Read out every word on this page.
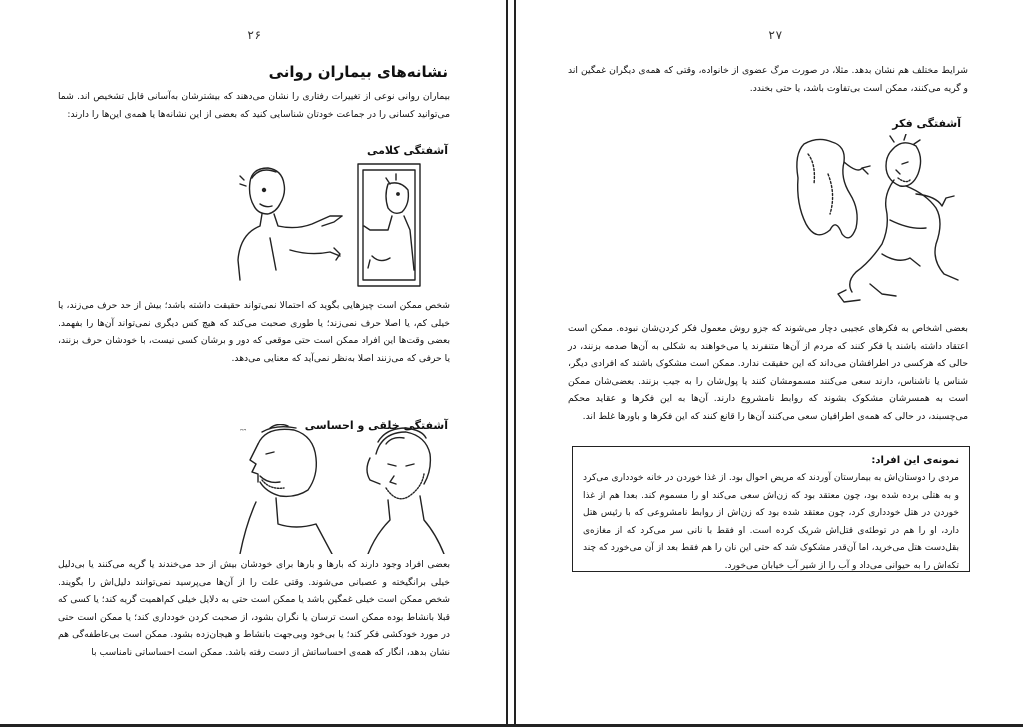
۲۶
نشانه‌های بیماران روانی
بیماران روانی نوعی از تغییرات رفتاری را نشان می‌دهند که بیشترشان به‌آسانی قابل تشخیص اند. شما می‌توانید کسانی را در جماعت خودتان شناسایی کنید که بعضی از این نشانه‌ها یا همه‌ی این‌ها را دارند:
آشفتگی کلامی
شخص ممکن است چیزهایی بگوید که احتمالا نمی‌تواند حقیقت داشته باشد؛ بیش از حد حرف می‌زند، یا خیلی کم، یا اصلا حرف نمی‌زند؛ یا طوری صحبت می‌کند که هیچ کس دیگری نمی‌تواند آن‌ها را بفهمد. بعضی وقت‌ها این افراد ممکن است حتی موقعی که دور و برشان کسی نیست، با خودشان حرف بزنند، یا حرفی که می‌زنند اصلا به‌نظر نمی‌آید که معنایی می‌دهد.
آشفتگی خلقی و احساسی
ᵔᵔ
بعضی افراد وجود دارند که بارها و بارها برای خودشان بیش از حد می‌خندند یا گریه می‌کنند یا بی‌دلیل خیلی برانگیخته و عصبانی می‌شوند. وقتی علت را از آن‌ها می‌پرسید نمی‌توانند دلیل‌اش را بگویند. شخص ممکن است خیلی غمگین باشد یا ممکن است حتی به دلایل خیلی کم‌اهمیت گریه کند؛ یا کسی که قبلا بانشاط بوده ممکن است ترسان یا نگران بشود، از صحبت کردن خودداری کند؛ یا ممکن است حتی در مورد خودکشی فکر کند؛ یا بی‌خود وبی‌جهت بانشاط و هیجان‌زده بشود. ممکن است بی‌عاطفه‌گی هم نشان بدهد، انگار که همه‌ی احساساتش از دست رفته باشد. ممکن است احساساتی نامناسب با
۲۷
شرایط مختلف هم نشان بدهد. مثلا، در صورت مرگ عضوی از خانواده، وقتی که همه‌ی دیگران غمگین اند و گریه می‌کنند، ممکن است بی‌تفاوت باشد، یا حتی بخندد.
آشفتگی فکر
بعضی اشخاص به فکرهای عجیبی دچار می‌شوند که جزو روش معمول فکر کردن‌شان نبوده. ممکن است اعتقاد داشته باشند یا فکر کنند که مردم از آن‌ها متنفرند یا می‌خواهند به شکلی به آن‌ها صدمه بزنند، در حالی که هرکسی در اطرافشان می‌داند که این حقیقت ندارد. ممکن است مشکوک باشند که افرادی دیگر، شناس یا ناشناس، دارند سعی می‌کنند مسمومشان کنند یا پول‌شان را به جیب بزنند. بعضی‌شان ممکن است به همسرشان مشکوک بشوند که روابط نامشروع دارند. آن‌ها به این فکرها و عقاید محکم می‌چسبند، در حالی که همه‌ی اطرافیان سعی می‌کنند آن‌ها را قانع کنند که این فکرها و باورها غلط اند.
نمونه‌ی این افراد:
مردی را دوستان‌اش به بیمارستان آوردند که مریض احوال بود. از غذا خوردن در خانه خودداری می‌کرد و به هتلی برده شده بود، چون معتقد بود که زن‌اش سعی می‌کند او را مسموم کند. بعدا هم از غذا خوردن در هتل خودداری کرد، چون معتقد شده بود که زن‌اش از روابط نامشروعی که با رئیس هتل دارد، او را هم در توطئه‌ی قتل‌اش شریک کرده است. او فقط با نانی سر می‌کرد که از مغازه‌ی بقل‌دست هتل می‌خرید، اما آن‌قدر مشکوک شد که حتی این نان را هم فقط بعد از آن می‌خورد که چند تکه‌اش را به حیوانی می‌داد و آب را از شیر آب خیابان می‌خورد.
